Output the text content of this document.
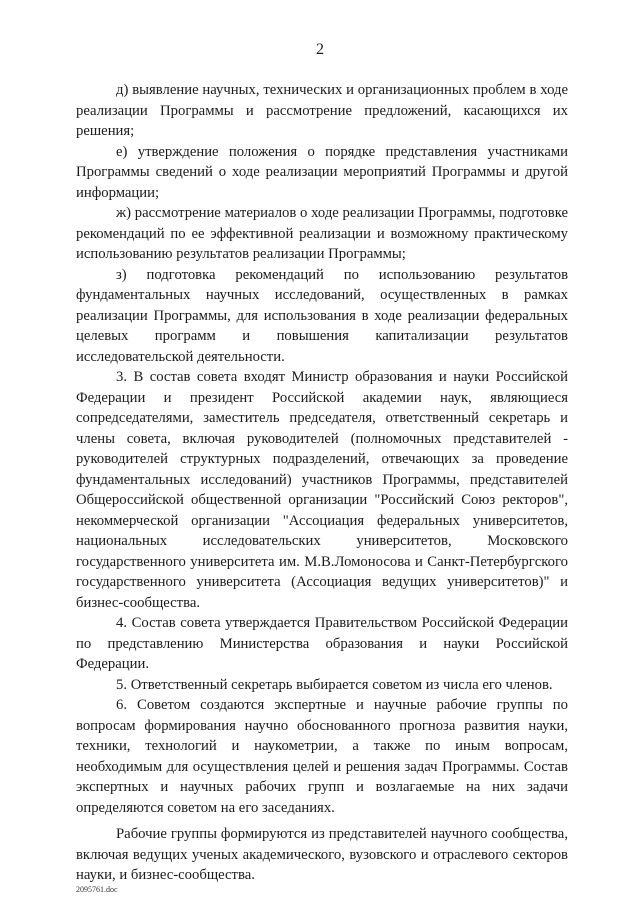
2

д) выявление научных, технических и организационных проблем в ходе реализации Программы и рассмотрение предложений, касающихся их решения;

е) утверждение положения о порядке представления участниками Программы сведений о ходе реализации мероприятий Программы и другой информации;

ж) рассмотрение материалов о ходе реализации Программы, подготовке рекомендаций по ее эффективной реализации и возможному практическому использованию результатов реализации Программы;

з) подготовка рекомендаций по использованию результатов фундаментальных научных исследований, осуществленных в рамках реализации Программы, для использования в ходе реализации федеральных целевых программ и повышения капитализации результатов исследовательской деятельности.

3. В состав совета входят Министр образования и науки Российской Федерации и президент Российской академии наук, являющиеся сопредседателями, заместитель председателя, ответственный секретарь и члены совета, включая руководителей (полномочных представителей - руководителей структурных подразделений, отвечающих за проведение фундаментальных исследований) участников Программы, представителей Общероссийской общественной организации "Российский Союз ректоров", некоммерческой организации "Ассоциация федеральных университетов, национальных исследовательских университетов, Московского государственного университета им. М.В.Ломоносова и Санкт-Петербургского государственного университета (Ассоциация ведущих университетов)" и бизнес-сообщества.

4. Состав совета утверждается Правительством Российской Федерации по представлению Министерства образования и науки Российской Федерации.

5. Ответственный секретарь выбирается советом из числа его членов.

6. Советом создаются экспертные и научные рабочие группы по вопросам формирования научно обоснованного прогноза развития науки, техники, технологий и наукометрии, а также по иным вопросам, необходимым для осуществления целей и решения задач Программы. Состав экспертных и научных рабочих групп и возлагаемые на них задачи определяются советом на его заседаниях.

Рабочие группы формируются из представителей научного сообщества, включая ведущих ученых академического, вузовского и отраслевого секторов науки, и бизнес-сообщества.

2095761.doc
